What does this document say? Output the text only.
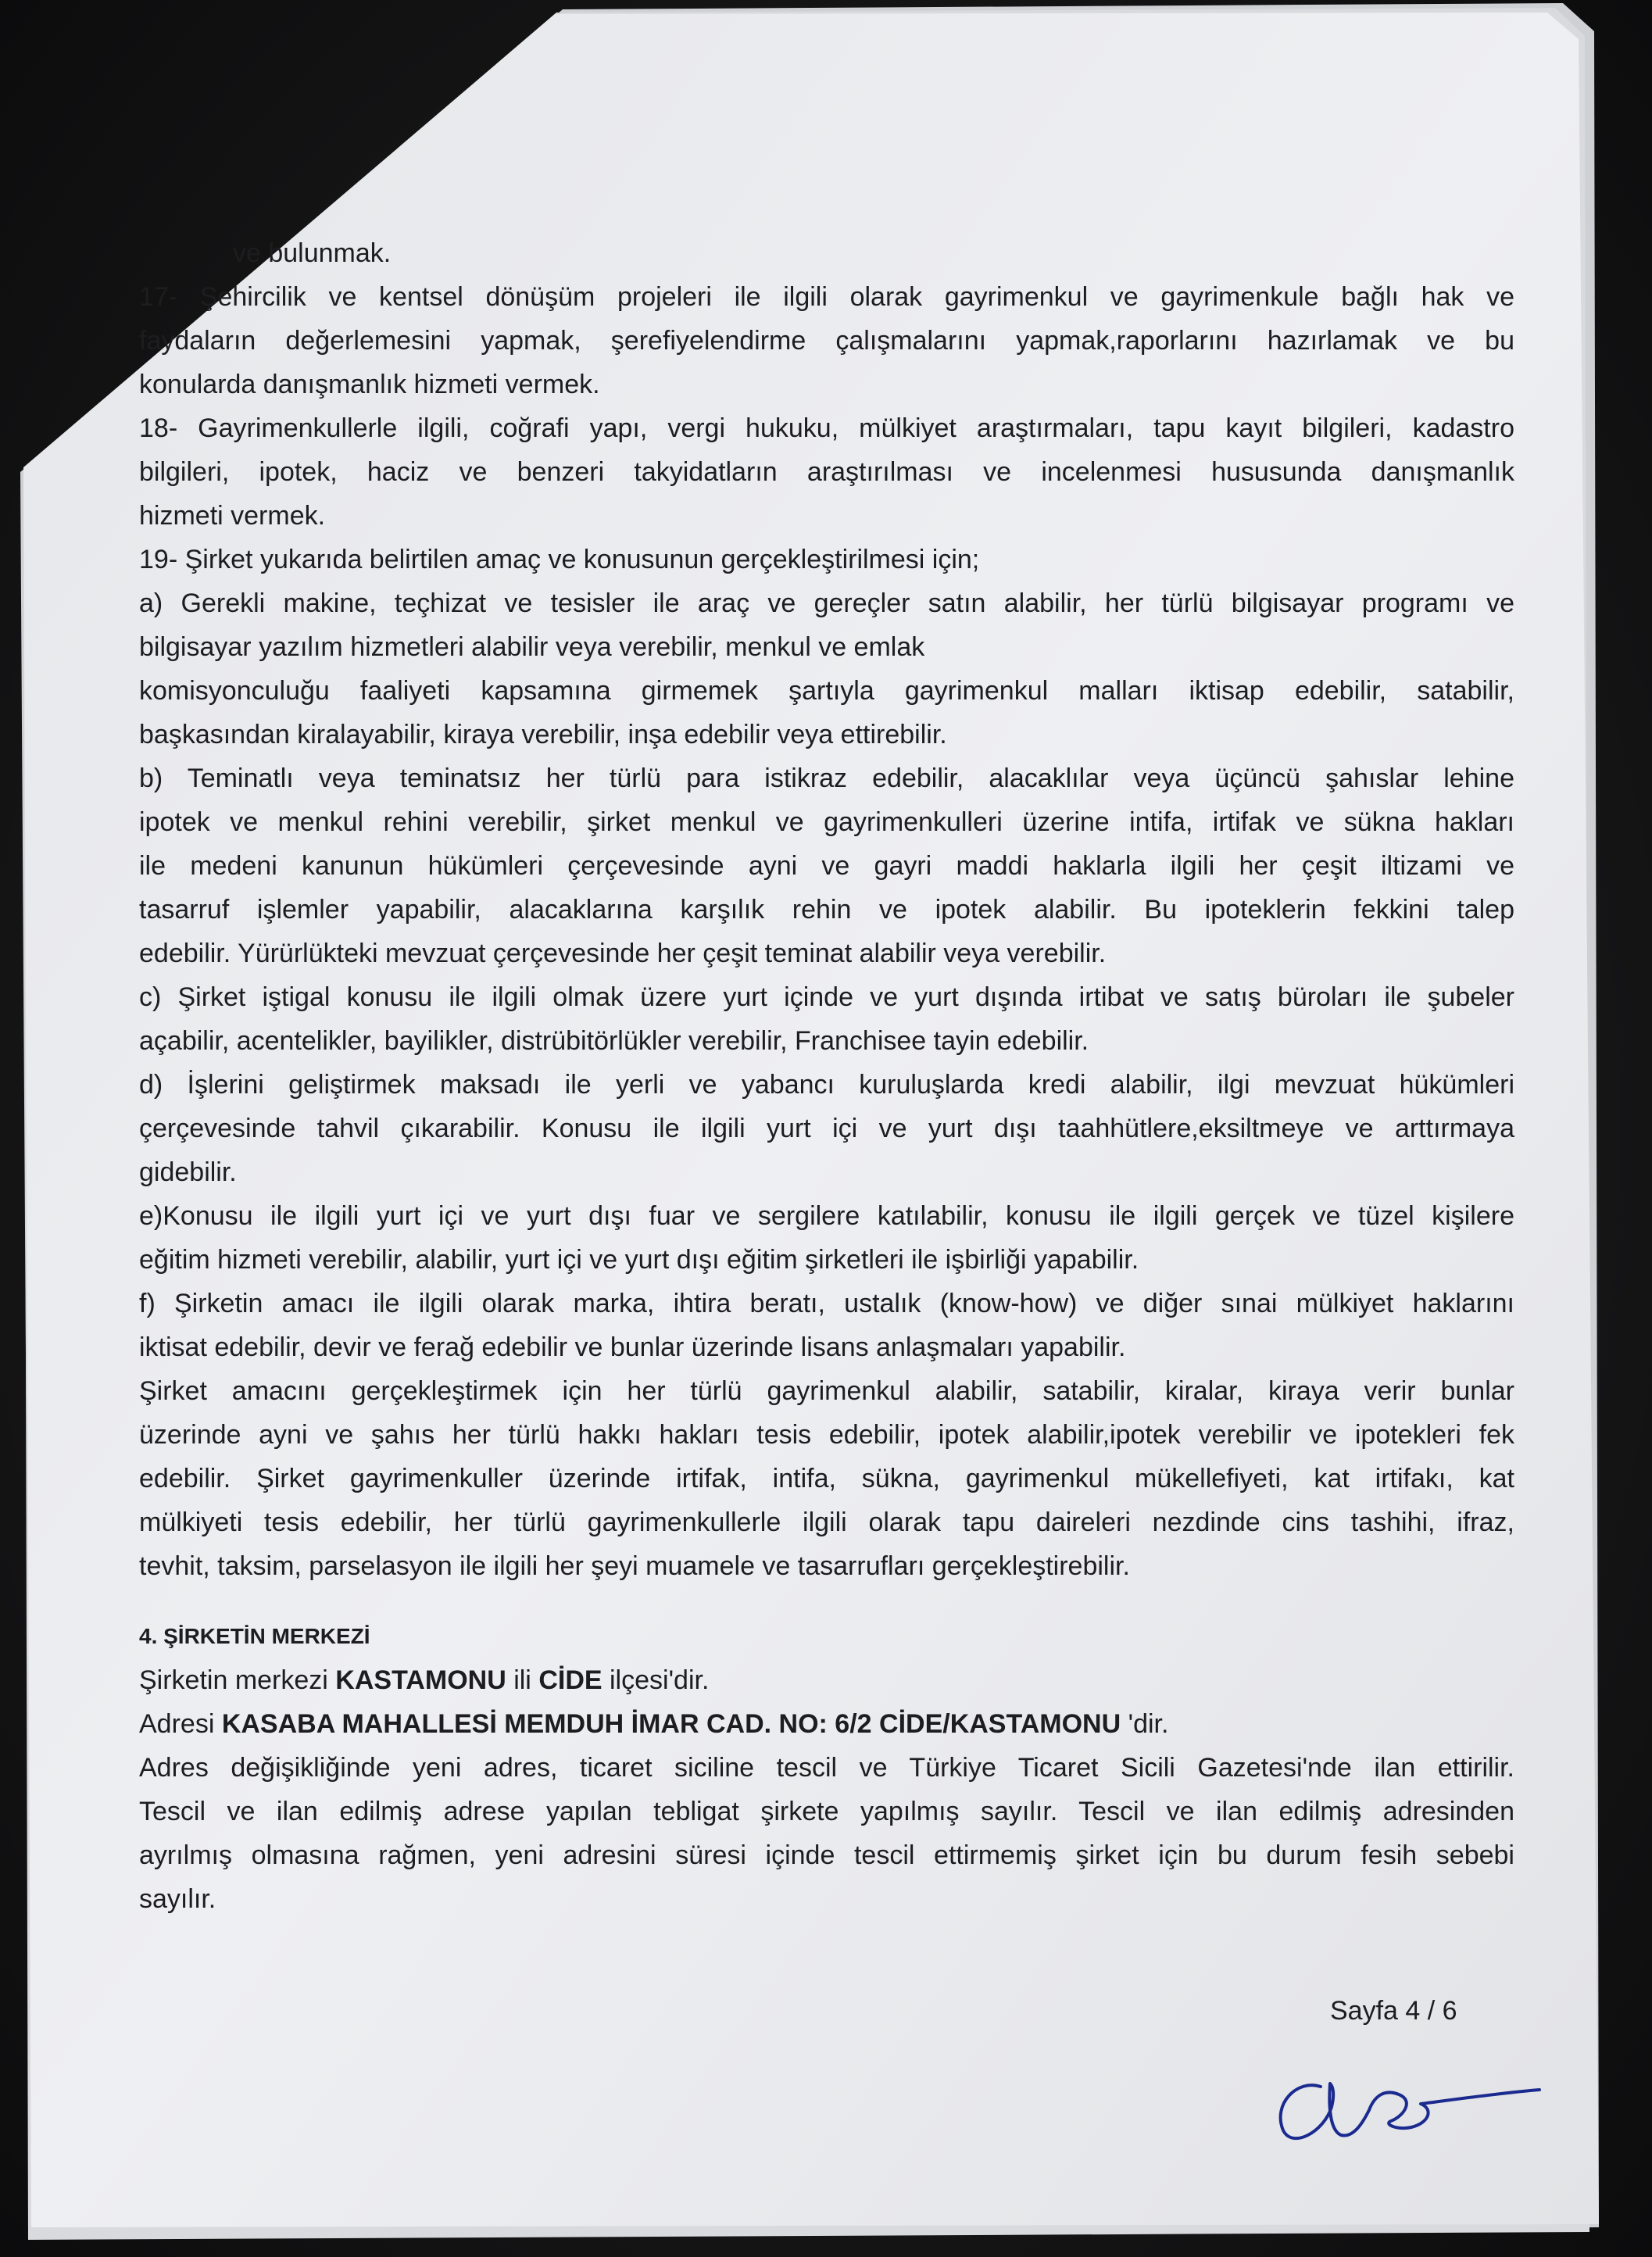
ve bulunmak.
17- Şehircilik ve kentsel dönüşüm projeleri ile ilgili olarak gayrimenkul ve gayrimenkule bağlı hak ve
faydaların değerlemesini yapmak, şerefiyelendirme çalışmalarını yapmak,raporlarını hazırlamak ve bu
konularda danışmanlık hizmeti vermek.
18- Gayrimenkullerle ilgili, coğrafi yapı, vergi hukuku, mülkiyet araştırmaları, tapu kayıt bilgileri, kadastro
bilgileri, ipotek, haciz ve benzeri takyidatların araştırılması ve incelenmesi hususunda danışmanlık
hizmeti vermek.
19- Şirket yukarıda belirtilen amaç ve konusunun gerçekleştirilmesi için;
a) Gerekli makine, teçhizat ve tesisler ile araç ve gereçler satın alabilir, her türlü bilgisayar programı ve
bilgisayar yazılım hizmetleri alabilir veya verebilir, menkul ve emlak
komisyonculuğu faaliyeti kapsamına girmemek şartıyla gayrimenkul malları iktisap edebilir, satabilir,
başkasından kiralayabilir, kiraya verebilir, inşa edebilir veya ettirebilir.
b) Teminatlı veya teminatsız her türlü para istikraz edebilir, alacaklılar veya üçüncü şahıslar lehine
ipotek ve menkul rehini verebilir, şirket menkul ve gayrimenkulleri üzerine intifa, irtifak ve sükna hakları
ile medeni kanunun hükümleri çerçevesinde ayni ve gayri maddi haklarla ilgili her çeşit iltizami ve
tasarruf işlemler yapabilir, alacaklarına karşılık rehin ve ipotek alabilir. Bu ipoteklerin fekkini talep
edebilir. Yürürlükteki mevzuat çerçevesinde her çeşit teminat alabilir veya verebilir.
c) Şirket iştigal konusu ile ilgili olmak üzere yurt içinde ve yurt dışında irtibat ve satış büroları ile şubeler
açabilir, acentelikler, bayilikler, distrübitörlükler verebilir, Franchisee tayin edebilir.
d) İşlerini geliştirmek maksadı ile yerli ve yabancı kuruluşlarda kredi alabilir, ilgi mevzuat hükümleri
çerçevesinde tahvil çıkarabilir. Konusu ile ilgili yurt içi ve yurt dışı taahhütlere,eksiltmeye ve arttırmaya
gidebilir.
e)Konusu ile ilgili yurt içi ve yurt dışı fuar ve sergilere katılabilir, konusu ile ilgili gerçek ve tüzel kişilere
eğitim hizmeti verebilir, alabilir, yurt içi ve yurt dışı eğitim şirketleri ile işbirliği yapabilir.
f) Şirketin amacı ile ilgili olarak marka, ihtira beratı, ustalık (know-how) ve diğer sınai mülkiyet haklarını
iktisat edebilir, devir ve ferağ edebilir ve bunlar üzerinde lisans anlaşmaları yapabilir.
Şirket amacını gerçekleştirmek için her türlü gayrimenkul alabilir, satabilir, kiralar, kiraya verir bunlar
üzerinde ayni ve şahıs her türlü hakkı hakları tesis edebilir, ipotek alabilir,ipotek verebilir ve ipotekleri fek
edebilir. Şirket gayrimenkuller üzerinde irtifak, intifa, sükna, gayrimenkul mükellefiyeti, kat irtifakı, kat
mülkiyeti tesis edebilir, her türlü gayrimenkullerle ilgili olarak tapu daireleri nezdinde cins tashihi, ifraz,
tevhit, taksim, parselasyon ile ilgili her şeyi muamele ve tasarrufları gerçekleştirebilir.
4. ŞİRKETİN MERKEZİ
Şirketin merkezi KASTAMONU ili CİDE ilçesi'dir.
Adresi KASABA MAHALLESİ MEMDUH İMAR CAD. NO: 6/2 CİDE/KASTAMONU 'dir.
Adres değişikliğinde yeni adres, ticaret siciline tescil ve Türkiye Ticaret Sicili Gazetesi'nde ilan ettirilir.
Tescil ve ilan edilmiş adrese yapılan tebligat şirkete yapılmış sayılır. Tescil ve ilan edilmiş adresinden
ayrılmış olmasına rağmen, yeni adresini süresi içinde tescil ettirmemiş şirket için bu durum fesih sebebi
sayılır.
Sayfa 4 / 6
